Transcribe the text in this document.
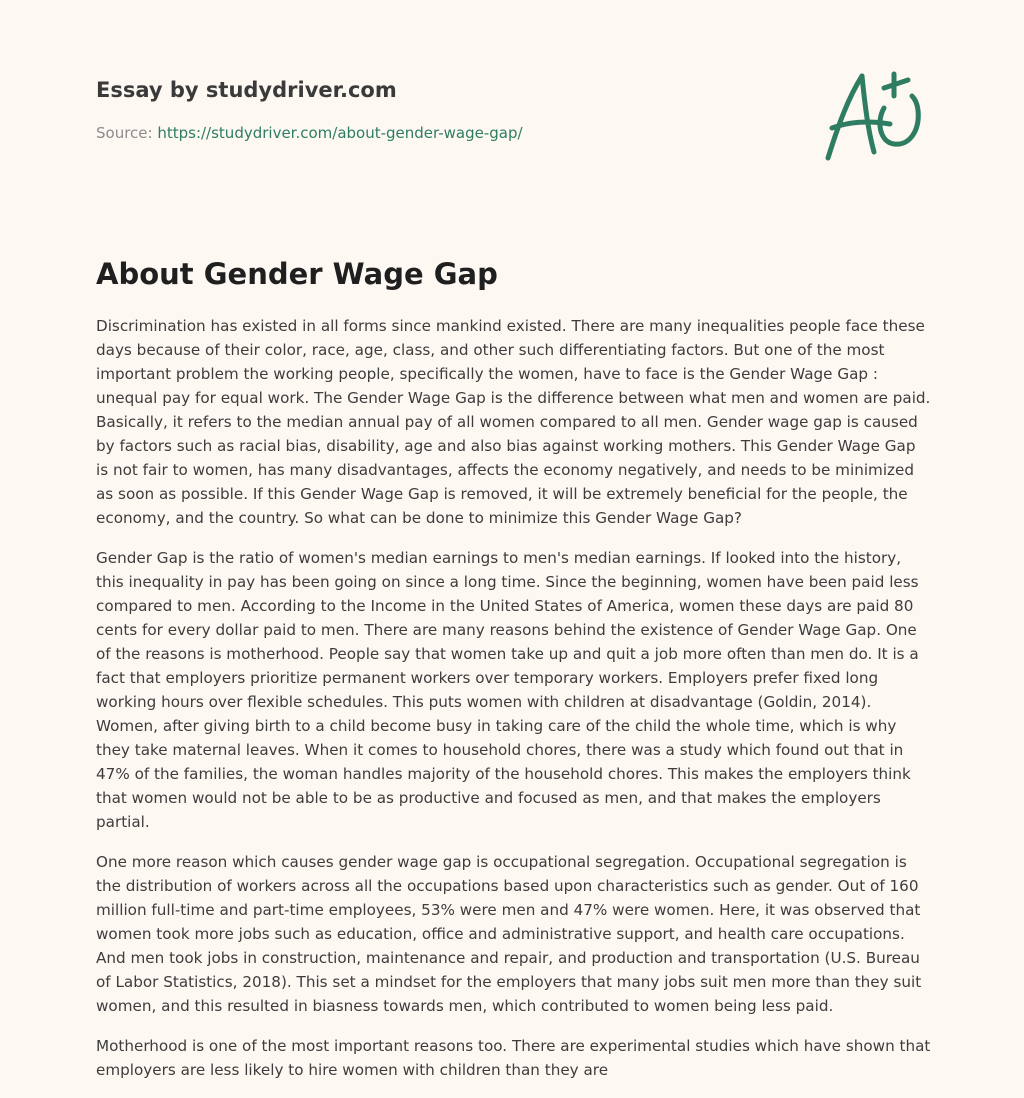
Essay by studydriver.com
Source: https://studydriver.com/about-gender-wage-gap/
About Gender Wage Gap

Discrimination has existed in all forms since mankind existed. There are many inequalities people face these days because of their color, race, age, class, and other such differentiating factors. But one of the most important problem the working people, specifically the women, have to face is the Gender Wage Gap : unequal pay for equal work. The Gender Wage Gap is the difference between what men and women are paid. Basically, it refers to the median annual pay of all women compared to all men. Gender wage gap is caused by factors such as racial bias, disability, age and also bias against working mothers. This Gender Wage Gap is not fair to women, has many disadvantages, affects the economy negatively, and needs to be minimized as soon as possible. If this Gender Wage Gap is removed, it will be extremely beneficial for the people, the economy, and the country. So what can be done to minimize this Gender Wage Gap?

Gender Gap is the ratio of women's median earnings to men's median earnings. If looked into the history, this inequality in pay has been going on since a long time. Since the beginning, women have been paid less compared to men. According to the Income in the United States of America, women these days are paid 80 cents for every dollar paid to men. There are many reasons behind the existence of Gender Wage Gap. One of the reasons is motherhood. People say that women take up and quit a job more often than men do. It is a fact that employers prioritize permanent workers over temporary workers. Employers prefer fixed long working hours over flexible schedules. This puts women with children at disadvantage (Goldin, 2014). Women, after giving birth to a child become busy in taking care of the child the whole time, which is why they take maternal leaves. When it comes to household chores, there was a study which found out that in 47% of the families, the woman handles majority of the household chores. This makes the employers think that women would not be able to be as productive and focused as men, and that makes the employers partial.

One more reason which causes gender wage gap is occupational segregation. Occupational segregation is the distribution of workers across all the occupations based upon characteristics such as gender. Out of 160 million full-time and part-time employees, 53% were men and 47% were women. Here, it was observed that women took more jobs such as education, office and administrative support, and health care occupations. And men took jobs in construction, maintenance and repair, and production and transportation (U.S. Bureau of Labor Statistics, 2018). This set a mindset for the employers that many jobs suit men more than they suit women, and this resulted in biasness towards men, which contributed to women being less paid.

Motherhood is one of the most important reasons too. There are experimental studies which have shown that employers are less likely to hire women with children than they are
